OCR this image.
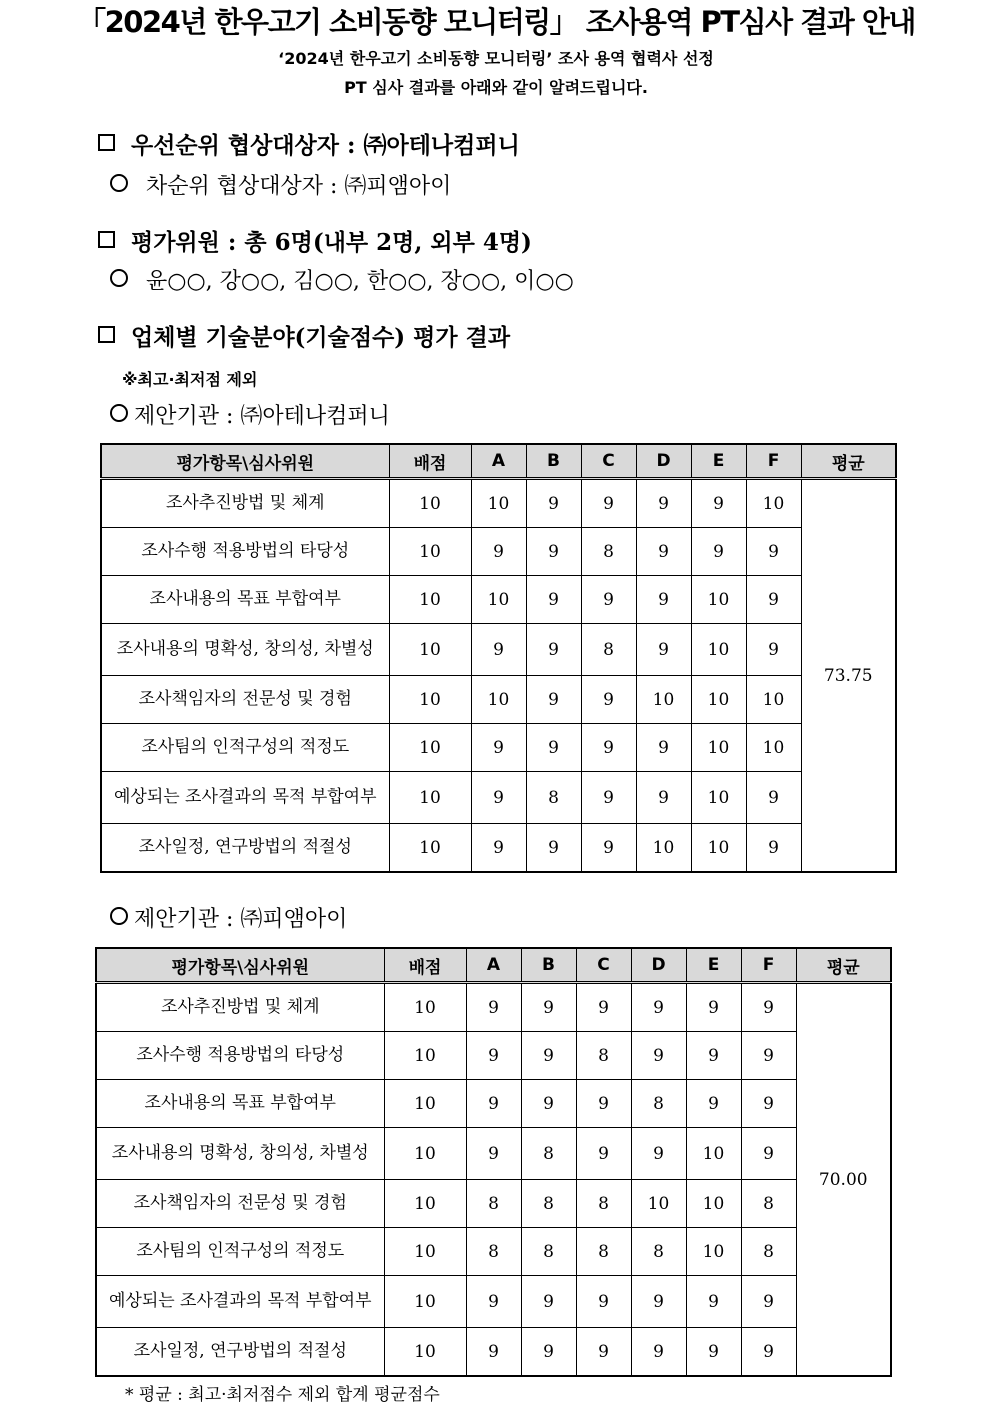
「2024년 한우고기 소비동향 모니터링」 조사용역 PT심사 결과 안내
‘2024년 한우고기 소비동향 모니터링’ 조사 용역 협력사 선정
PT 심사 결과를 아래와 같이 알려드립니다.
우선순위 협상대상자 : ㈜아테나컴퍼니
차순위 협상대상자 : ㈜피앰아이
평가위원 : 총 6명(내부 2명, 외부 4명)
윤○○, 강○○, 김○○, 한○○, 장○○, 이○○
업체별 기술분야(기술점수) 평가 결과
※최고·최저점 제외
제안기관 : ㈜아테나컴퍼니
평가항목\심사위원	배점	A	B	C	D	E	F	평균
조사추진방법 및 체계	10	10	9	9	9	9	10	73.75
조사수행 적용방법의 타당성	10	9	9	8	9	9	9	
조사내용의 목표 부합여부	10	10	9	9	9	10	9	
조사내용의 명확성, 창의성, 차별성	10	9	9	8	9	10	9	
조사책임자의 전문성 및 경험	10	10	9	9	10	10	10	
조사팀의 인적구성의 적정도	10	9	9	9	9	10	10	
예상되는 조사결과의 목적 부합여부	10	9	8	9	9	10	9	
조사일정, 연구방법의 적절성	10	9	9	9	10	10	9	
제안기관 : ㈜피앰아이
평가항목\심사위원	배점	A	B	C	D	E	F	평균
조사추진방법 및 체계	10	9	9	9	9	9	9	70.00
조사수행 적용방법의 타당성	10	9	9	8	9	9	9	
조사내용의 목표 부합여부	10	9	9	9	8	9	9	
조사내용의 명확성, 창의성, 차별성	10	9	8	9	9	10	9	
조사책임자의 전문성 및 경험	10	8	8	8	10	10	8	
조사팀의 인적구성의 적정도	10	8	8	8	8	10	8	
예상되는 조사결과의 목적 부합여부	10	9	9	9	9	9	9	
조사일정, 연구방법의 적절성	10	9	9	9	9	9	9	
* 평균 : 최고·최저점수 제외 합계 평균점수
